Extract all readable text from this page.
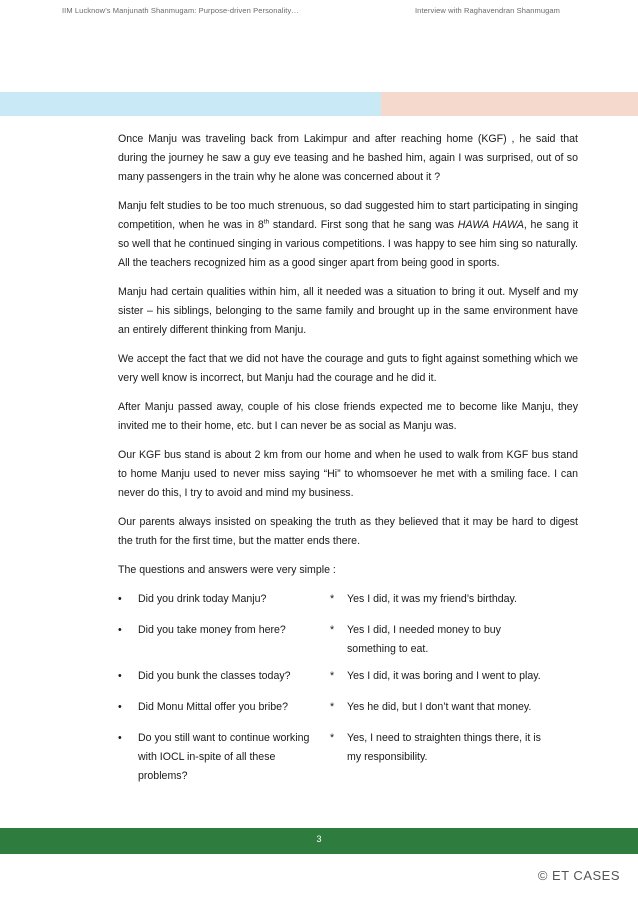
IIM Lucknow's Manjunath Shanmugam: Purpose-driven Personality…	Interview with Raghavendran Shanmugam

Once Manju was traveling back from Lakimpur and after reaching home (KGF) , he said that during the journey he saw a guy eve teasing and he bashed him, again I was surprised, out of so many passengers in the train why he alone was concerned about it ?

Manju felt studies to be too much strenuous, so dad suggested him to start participating in singing competition, when he was in 8th standard. First song that he sang was HAWA HAWA, he sang it so well that he continued singing in various competitions. I was happy to see him sing so naturally. All the teachers recognized him as a good singer apart from being good in sports.

Manju had certain qualities within him, all it needed was a situation to bring it out. Myself and my sister – his siblings, belonging to the same family and brought up in the same environment have an entirely different thinking from Manju.

We accept the fact that we did not have the courage and guts to fight against something which we very well know is incorrect, but Manju had the courage and he did it.

After Manju passed away, couple of his close friends expected me to become like Manju, they invited me to their home, etc. but I can never be as social as Manju was.

Our KGF bus stand is about 2 km from our home and when he used to walk from KGF bus stand to home Manju used to never miss saying “Hi” to whomsoever he met with a smiling face. I can never do this, I try to avoid and mind my business.

Our parents always insisted on speaking the truth as they believed that it may be hard to digest the truth for the first time, but the matter ends there.

The questions and answers were very simple :

•	Did you drink today Manju?	* Yes I did, it was my friend’s birthday.
•	Did you take money from here?	* Yes I did, I needed money to buy something to eat.
•	Did you bunk the classes today?	* Yes I did, it was boring and I went to play.
•	Did Monu Mittal offer you bribe?	* Yes he did, but I don’t want that money.
•	Do you still want to continue working with IOCL in-spite of all these problems?
* Yes, I need to straighten things there, it is my responsibility.
3
© ET CASES
